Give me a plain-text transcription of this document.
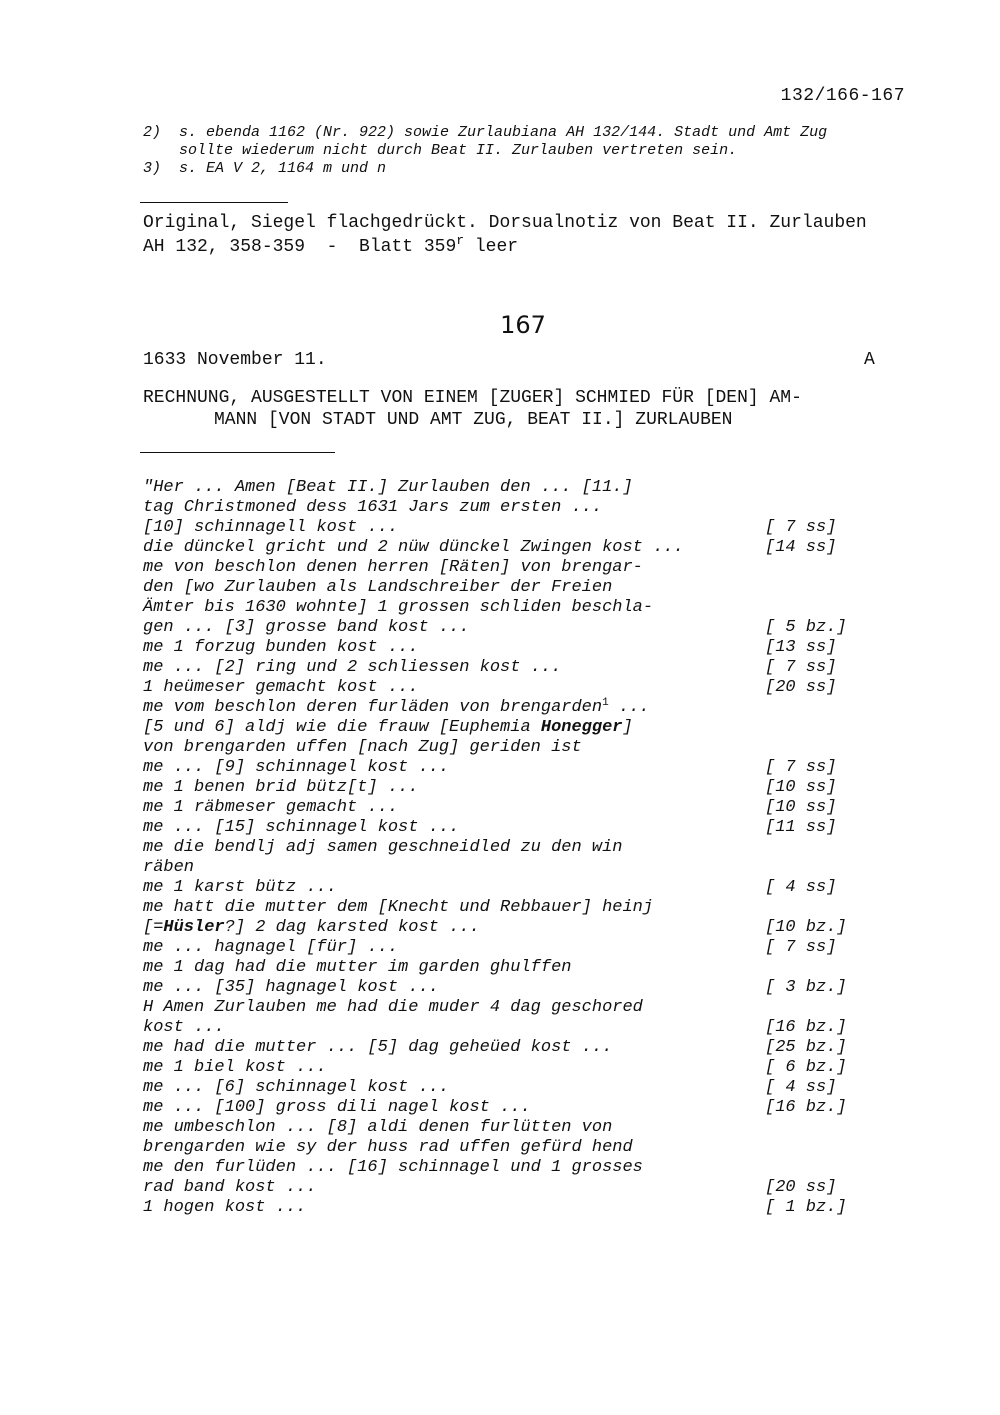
132/166-167
2) s. ebenda 1162 (Nr. 922) sowie Zurlaubiana AH 132/144. Stadt und Amt Zug
sollte wiederum nicht durch Beat II. Zurlauben vertreten sein.
3) s. EA V 2, 1164 m und n
Original, Siegel flachgedrückt. Dorsualnotiz von Beat II. Zurlauben
AH 132, 358-359  -  Blatt 359$^r$ leer
167
1633 November 11.	A
RECHNUNG, AUSGESTELLT VON EINEM [ZUGER] SCHMIED FÜR [DEN] AM-
MANN [VON STADT UND AMT ZUG, BEAT II.] ZURLAUBEN
"Her ... Amen [Beat II.] Zurlauben den ... [11.]
tag Christmoned dess 1631 Jars zum ersten ...
[10] schinnagell kost ...	[ 7 ss]
die dünckel gricht und 2 nüw dünckel Zwingen kost ...	[14 ss]
me von beschlon denen herren [Räten] von brengar-
den [wo Zurlauben als Landschreiber der Freien
Ämter bis 1630 wohnte] 1 grossen schliden beschla-
gen ... [3] grosse band kost ...	[ 5 bz.]
me 1 forzug bunden kost ...	[13 ss]
me ... [2] ring und 2 schliessen kost ...	[ 7 ss]
1 heümeser gemacht kost ...	[20 ss]
me vom beschlon deren furläden von brengarden$^1$ ...
[5 und 6] aldj wie die frauw [Euphemia Honegger]
von brengarden uffen [nach Zug] geriden ist
me ... [9] schinnagel kost ...	[ 7 ss]
me 1 benen brid bütz[t] ...	[10 ss]
me 1 räbmeser gemacht ...	[10 ss]
me ... [15] schinnagel kost ...	[11 ss]
me die bendlj adj samen geschneidled zu den win
räben
me 1 karst bütz ...	[ 4 ss]
me hatt die mutter dem [Knecht und Rebbauer] heinj
[=Hüsler?] 2 dag karsted kost ...	[10 bz.]
me ... hagnagel [für] ...	[ 7 ss]
me 1 dag had die mutter im garden ghulffen
me ... [35] hagnagel kost ...	[ 3 bz.]
H Amen Zurlauben me had die muder 4 dag geschored
kost ...	[16 bz.]
me had die mutter ... [5] dag geheüed kost ...	[25 bz.]
me 1 biel kost ...	[ 6 bz.]
me ... [6] schinnagel kost ...	[ 4 ss]
me ... [100] gross dili nagel kost ...	[16 bz.]
me umbeschlon ... [8] aldi denen furlütten von
brengarden wie sy der huss rad uffen gefürd hend
me den furlüden ... [16] schinnagel und 1 grosses
rad band kost ...	[20 ss]
1 hogen kost ...	[ 1 bz.]
